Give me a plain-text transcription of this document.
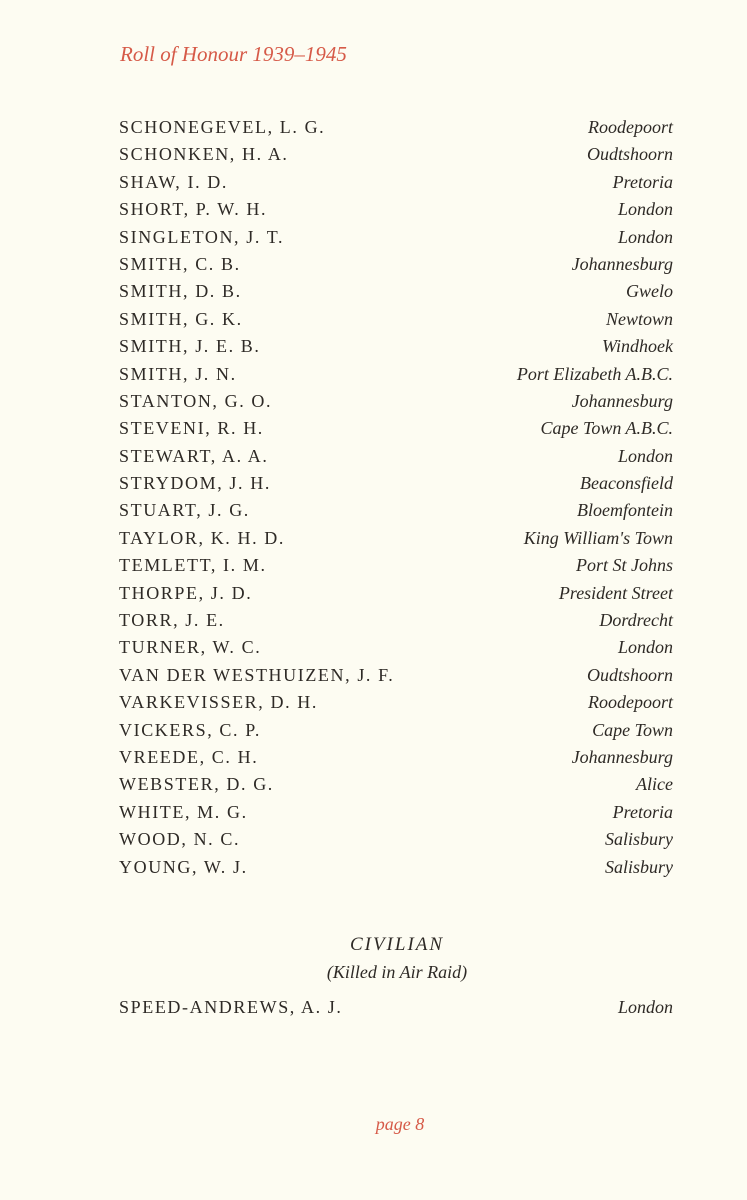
Roll of Honour 1939–1945
SCHONEGEVEL, L. G.	Roodepoort
SCHONKEN, H. A.	Oudtshoorn
SHAW, I. D.	Pretoria
SHORT, P. W. H.	London
SINGLETON, J. T.	London
SMITH, C. B.	Johannesburg
SMITH, D. B.	Gwelo
SMITH, G. K.	Newtown
SMITH, J. E. B.	Windhoek
SMITH, J. N.	Port Elizabeth A.B.C.
STANTON, G. O.	Johannesburg
STEVENI, R. H.	Cape Town A.B.C.
STEWART, A. A.	London
STRYDOM, J. H.	Beaconsfield
STUART, J. G.	Bloemfontein
TAYLOR, K. H. D.	King William's Town
TEMLETT, I. M.	Port St Johns
THORPE, J. D.	President Street
TORR, J. E.	Dordrecht
TURNER, W. C.	London
VAN DER WESTHUIZEN, J. F.	Oudtshoorn
VARKEVISSER, D. H.	Roodepoort
VICKERS, C. P.	Cape Town
VREEDE, C. H.	Johannesburg
WEBSTER, D. G.	Alice
WHITE, M. G.	Pretoria
WOOD, N. C.	Salisbury
YOUNG, W. J.	Salisbury
CIVILIAN
(Killed in Air Raid)
SPEED-ANDREWS, A. J.	London
page 8
